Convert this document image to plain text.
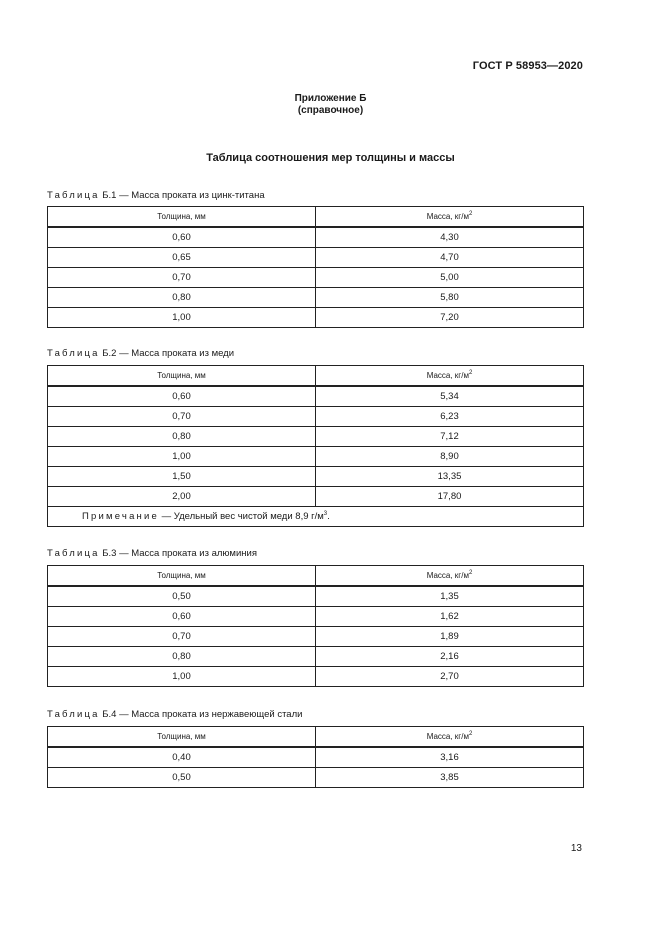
ГОСТ Р 58953—2020
Приложение Б
(справочное)
Таблица соотношения мер толщины и массы
Таблица Б.1 — Масса проката из цинк-титана
Толщина, мм	Масса, $кг/м^2$
0,60	4,30
0,65	4,70
0,70	5,00
0,80	5,80
1,00	7,20
Таблица Б.2 — Масса проката из меди
Толщина, мм	Масса, $кг/м^2$
0,60	5,34
0,70	6,23
0,80	7,12
1,00	8,90
1,50	13,35
2,00	17,80
Примечание — Удельный вес чистой меди 8,9 $г/м^3$.	
Таблица Б.3 — Масса проката из алюминия
Толщина, мм	Масса, $кг/м^2$
0,50	1,35
0,60	1,62
0,70	1,89
0,80	2,16
1,00	2,70
Таблица Б.4 — Масса проката из нержавеющей стали
Толщина, мм	Масса, $кг/м^2$
0,40	3,16
0,50	3,85
13
